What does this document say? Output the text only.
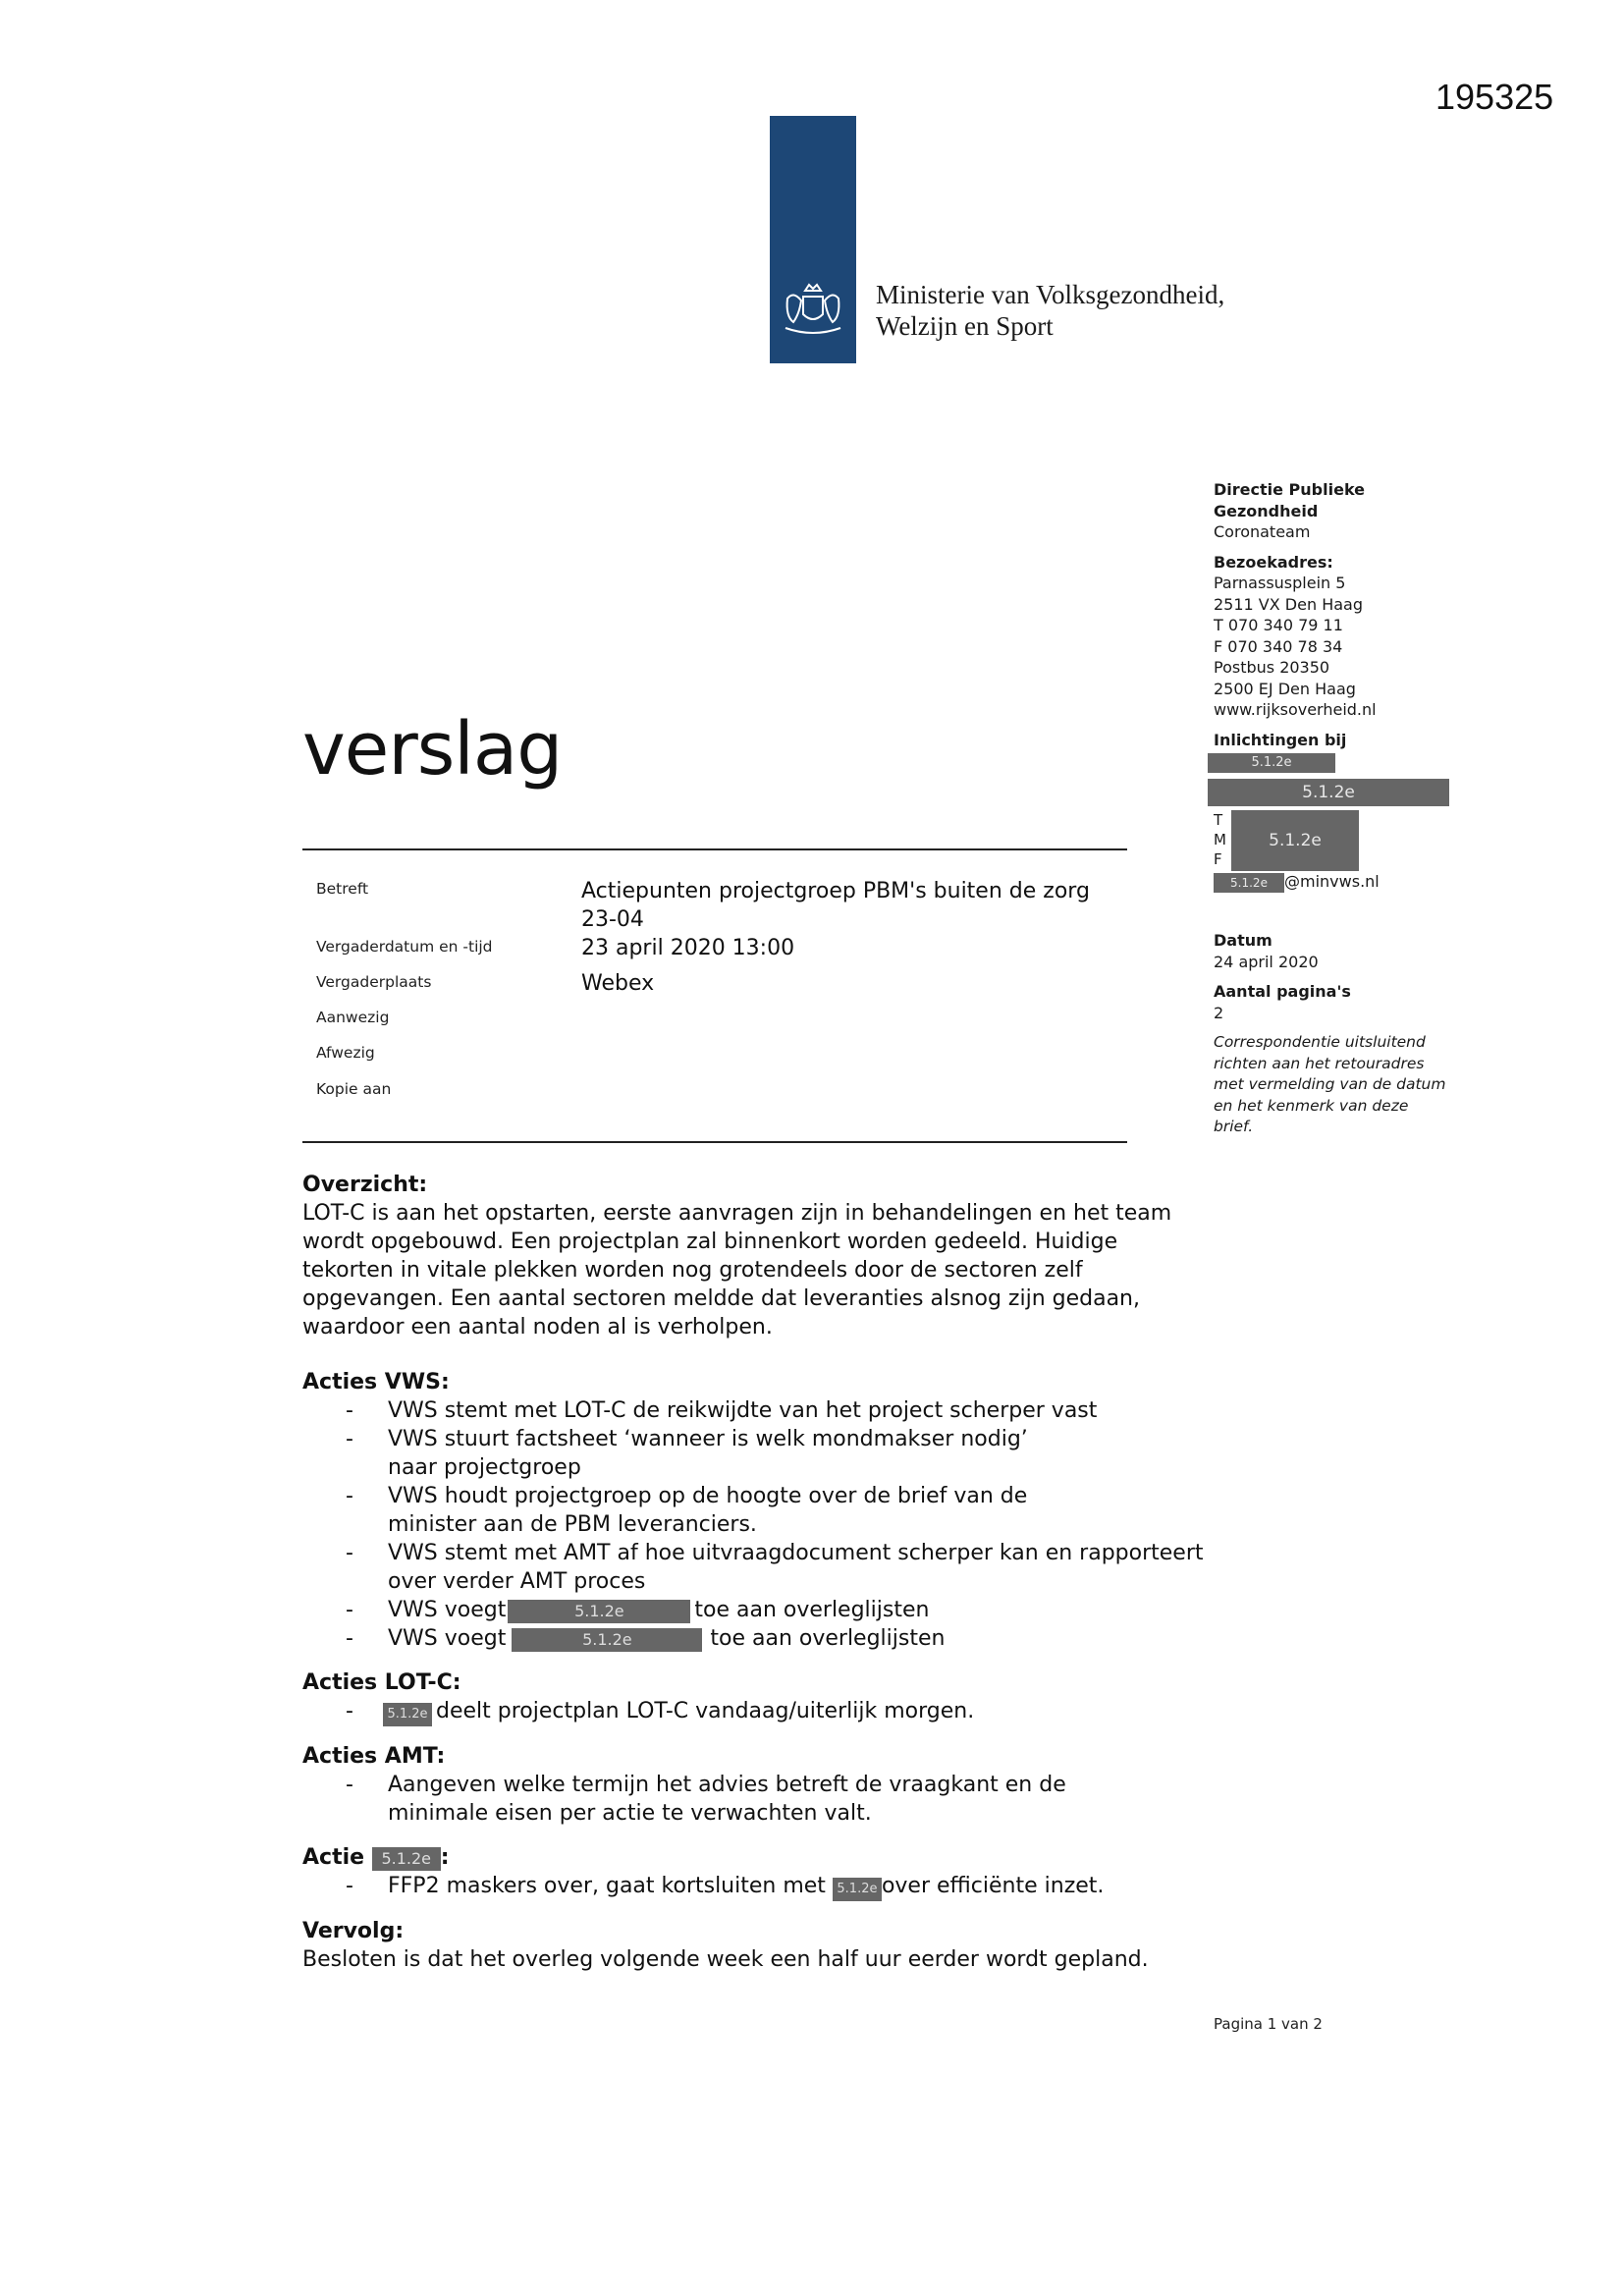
195325
Ministerie van Volksgezondheid,
Welzijn en Sport
Directie Publieke
Gezondheid
Coronateam
Bezoekadres:
Parnassusplein 5
2511 VX Den Haag
T 070 340 79 11
F 070 340 78 34
Postbus 20350
2500 EJ Den Haag
www.rijksoverheid.nl
Inlichtingen bij
5.1.2e
5.1.2e
T
M
F
5.1.2e
5.1.2e @minvws.nl
Datum
24 april 2020
Aantal pagina's
2
Correspondentie uitsluitend
richten aan het retouradres
met vermelding van de datum
en het kenmerk van deze
brief.
verslag
Betreft	Actiepunten projectgroep PBM's buiten de zorg
23-04
Vergaderdatum en -tijd	23 april 2020 13:00
Vergaderplaats	Webex
Aanwezig
Afwezig
Kopie aan
Overzicht:
LOT-C is aan het opstarten, eerste aanvragen zijn in behandelingen en het team
wordt opgebouwd. Een projectplan zal binnenkort worden gedeeld. Huidige
tekorten in vitale plekken worden nog grotendeels door de sectoren zelf
opgevangen. Een aantal sectoren meldde dat leveranties alsnog zijn gedaan,
waardoor een aantal noden al is verholpen.
Acties VWS:
- VWS stemt met LOT-C de reikwijdte van het project scherper vast
- VWS stuurt factsheet ‘wanneer is welk mondmakser nodig’ naar projectgroep
- VWS houdt projectgroep op de hoogte over de brief van de minister aan de PBM leveranciers.
- VWS stemt met AMT af hoe uitvraagdocument scherper kan en rapporteert over verder AMT proces
- VWS voegt	5.1.2e	toe aan overleglijsten
- VWS voegt	5.1.2e	toe aan overleglijsten
Acties LOT-C:
-	5.1.2e deelt projectplan LOT-C vandaag/uiterlijk morgen.
Acties AMT:
- Aangeven welke termijn het advies betreft de vraagkant en de minimale eisen per actie te verwachten valt.
Actie 5.1.2e :
- FFP2 maskers over, gaat kortsluiten met 5.1.2e over efficiënte inzet.
Vervolg:
Besloten is dat het overleg volgende week een half uur eerder wordt gepland.
Pagina 1 van 2
